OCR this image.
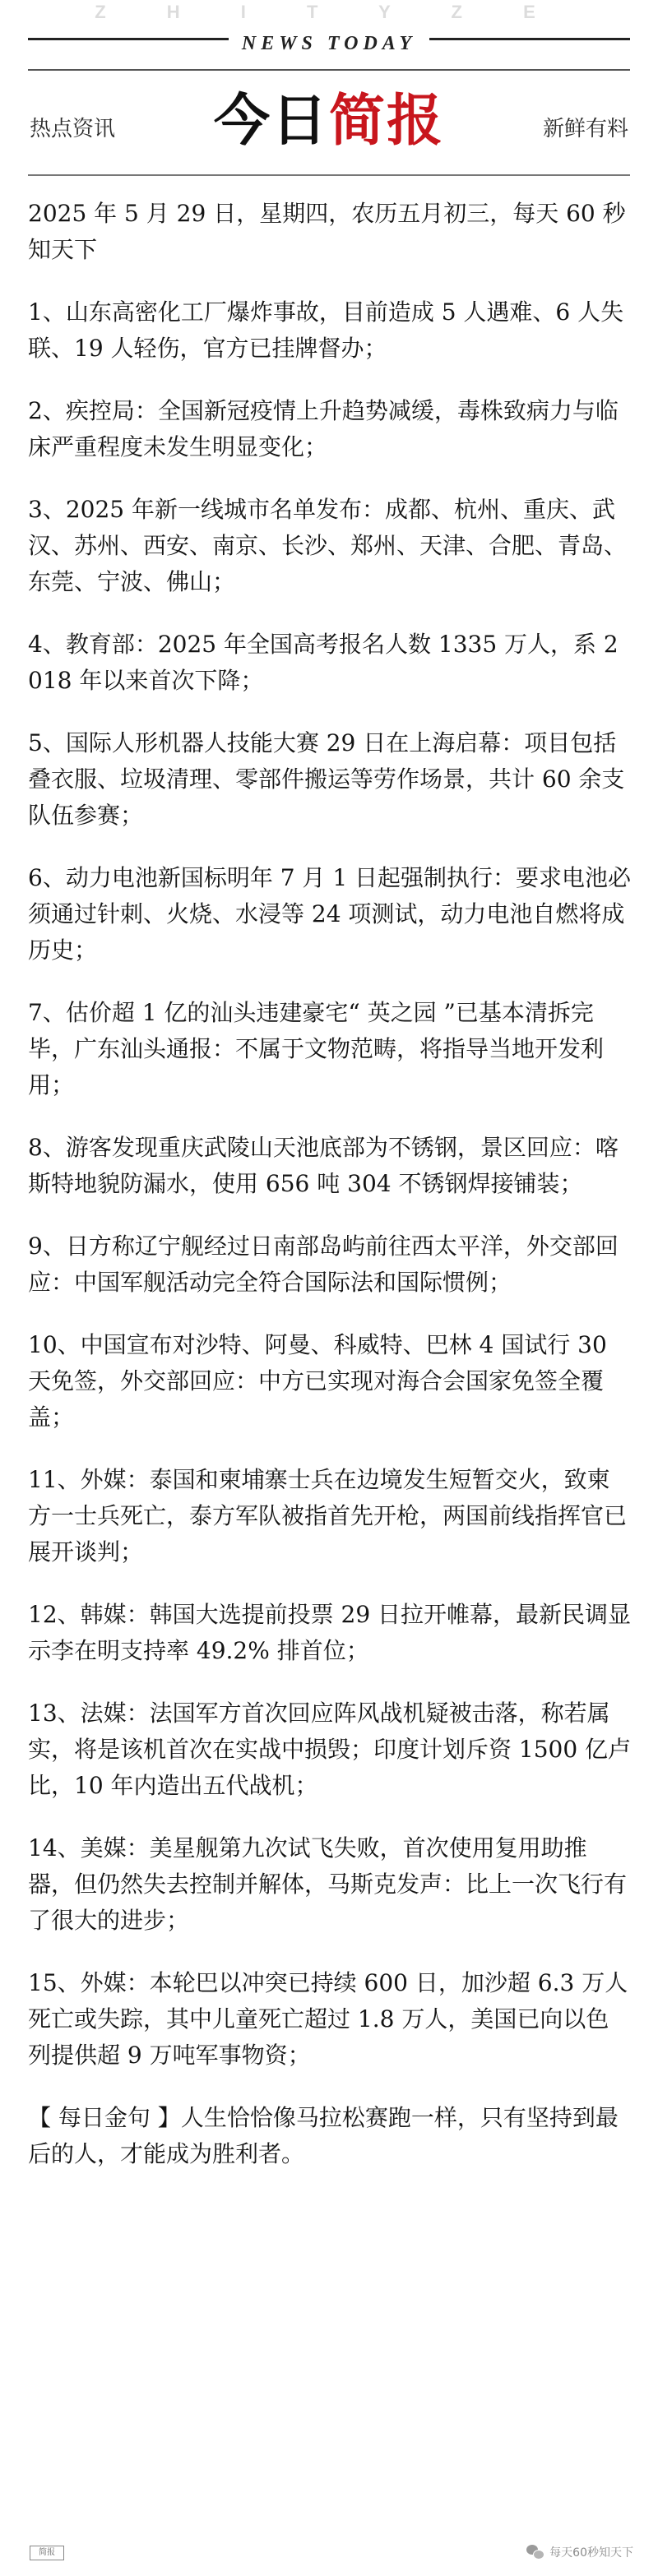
Z H I T Y Z E
NEWS TODAY
热点资讯	今日简报	新鲜有料

2025 年 5 月 29 日，星期四，农历五月初三，每天 60 秒知天下

1、山东高密化工厂爆炸事故，目前造成 5 人遇难、6 人失联、19 人轻伤，官方已挂牌督办；

2、疾控局：全国新冠疫情上升趋势减缓，毒株致病力与临床严重程度未发生明显变化；

3、2025 年新一线城市名单发布：成都、杭州、重庆、武汉、苏州、西安、南京、长沙、郑州、天津、合肥、青岛、东莞、宁波、佛山；

4、教育部：2025 年全国高考报名人数 1335 万人，系 2018 年以来首次下降；

5、国际人形机器人技能大赛 29 日在上海启幕：项目包括叠衣服、垃圾清理、零部件搬运等劳作场景，共计 60 余支队伍参赛；

6、动力电池新国标明年 7 月 1 日起强制执行：要求电池必须通过针刺、火烧、水浸等 24 项测试，动力电池自燃将成历史；

7、估价超 1 亿的汕头违建豪宅“ 英之园 ”已基本清拆完毕，广东汕头通报：不属于文物范畴，将指导当地开发利用；

8、游客发现重庆武陵山天池底部为不锈钢，景区回应：喀斯特地貌防漏水，使用 656 吨 304 不锈钢焊接铺装；

9、日方称辽宁舰经过日南部岛屿前往西太平洋，外交部回应：中国军舰活动完全符合国际法和国际惯例；

10、中国宣布对沙特、阿曼、科威特、巴林 4 国试行 30 天免签，外交部回应：中方已实现对海合会国家免签全覆盖；

11、外媒：泰国和柬埔寨士兵在边境发生短暂交火，致柬方一士兵死亡，泰方军队被指首先开枪，两国前线指挥官已展开谈判；

12、韩媒：韩国大选提前投票 29 日拉开帷幕，最新民调显示李在明支持率 49.2% 排首位；

13、法媒：法国军方首次回应阵风战机疑被击落，称若属实，将是该机首次在实战中损毁；印度计划斥资 1500 亿卢比，10 年内造出五代战机；

14、美媒：美星舰第九次试飞失败，首次使用复用助推器，但仍然失去控制并解体，马斯克发声：比上一次飞行有了很大的进步；

15、外媒：本轮巴以冲突已持续 600 日，加沙超 6.3 万人死亡或失踪，其中儿童死亡超过 1.8 万人，美国已向以色列提供超 9 万吨军事物资；

【 每日金句 】人生恰恰像马拉松赛跑一样，只有坚持到最后的人，才能成为胜利者。

简报	每天60秒知天下
